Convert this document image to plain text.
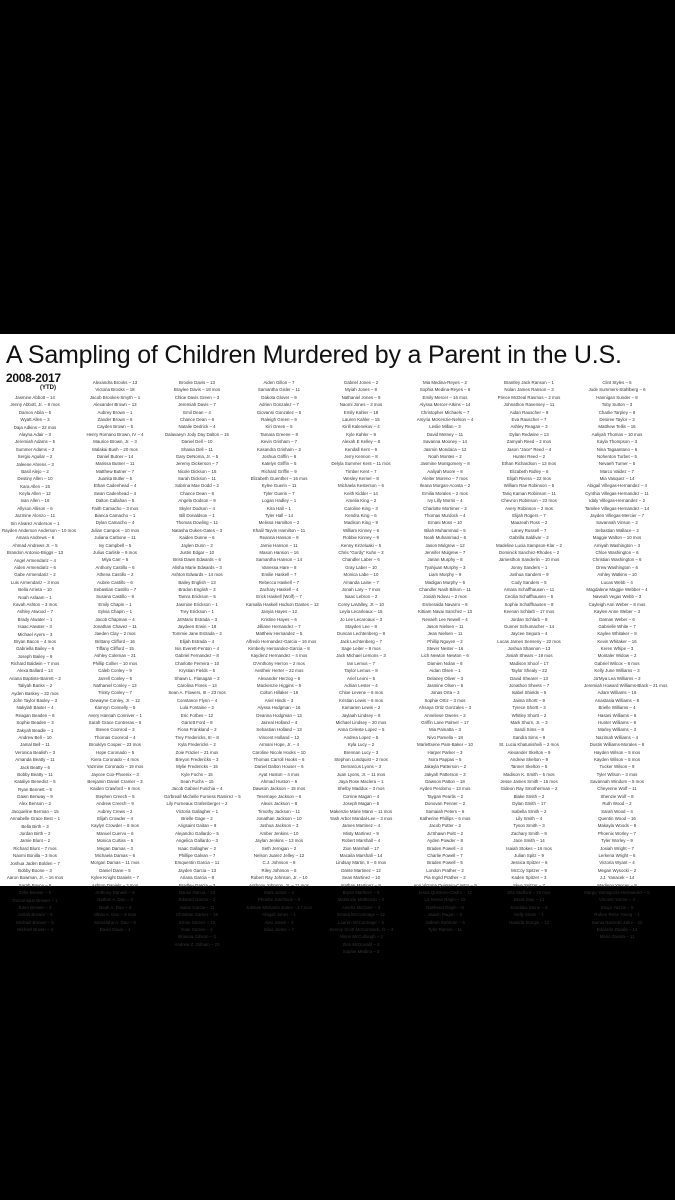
A Sampling of Children Murdered by a Parent in the U.S.
2008-2017
(YTD)
Jasmine Abbott – 14
Jenny Abbott, Jr. – 8 mos
Damon Abila – 5
Wyatt Allen – 3
Daja Adkins – 22 mos
Alayna Adair – 3
Jeremiah Adams – 5
Summer Adams – 2
Sergio Aguilar – 2
Jaleene Ahrens – 3
Basil Alejo – 2
Destiny Allen – 10
Kara Allen – 15
Keyla Allen – 12
Ivan Allen – 16
Allyson Allison – 6
Jazmine Alonzo – 11
Sin Alvarez Anderson – 1
Rayden Anderson Anderson – 10 mos
Amara Andrews – 6
Ahmad Andrews Jr. – 5
Brandon Antonio-Briggs – 13
Angel Armendariz – 4
Aiden Armendariz – 6
Gabe Armendariz – 2
Luis Armendariz – 3 mos
Bella Arrieta – 10
Noah Aslaam – 1
Kavah Ashton – 3 mos
Ashley Atwood – 7
Brady Atwater – 1
Isaac Atwater – 3
Michael Ayers – 3
Bryan Bacon – 4 mos
Gabriella Bailey – 6
Joseph Bailey – 9
Richard Baldwin – 7 mos
Alexa Ballard – 14
Ariana Baptiste-Barrett – 2
Taliyah Banks – 2
Ayden Baskey – 22 mos
John Taylor Baxley – 3
Nakylah Baxter – 4
Reagan Beaden – 6
Sophie Beaden – 3
Zakyah Beadle – 1
Andrew Bell – 10
Jamal Bell – 11
Veronica Bealish – 3
Amanda Beatty – 11
Jack Beatty – 6
Bobby Beatty – 11
Kataliye Benedict – 5
Ryan Bennett – 5
Dawn Benway – 9
Alex Benson – 2
Jacqueline Berman – 15
Annabelle Grace Best – 1
Bella Birth – 3
Jordan Birth – 2
Jamie Blunt – 2
Richard Blunt – 7 mos
Naomi Bonilla – 3 mos
Joshua Jaden Bolden – 7
Bobby Boone – 3
Aaron Bowman, Jr. – 16 mos
Sarah Boyce – 8
Zeke Brewer – 5
Domonique Brewer – 1
Eden Brewer – 3
Josiah Brewer – 5
Michael Brewer – 5
Michael Brown – 4
Alexandra Brooks – 13
Victoria Brooks – 18
Jacob Brookes-Smyth – 1
Alexander Brown – 13
Aubrey Brown – 1
Zander Brown – 6
Cayden Brown – 5
Henry Romano Brown, IV – 4
Maurice Brown, Jr. – 3
Malakai Bush – 20 mos
Daniel Butner – 14
Marissa Butner – 11
Matthew Butner – 7
Juanita Butler – 5
Ethan Cadenhead – 4
Swan Cadenhead – 4
Dalton Callahan – 5
Faith Camacho – 3 mos
Bianca Camacho – 1
Dylan Camacho – 4
Julian Campos – 10 mos
Juliana Carbone – 11
Ivy Campbell – 5
Julius Carlisle – 9 mos
Miya Carr – 5
Anthony Castillo – 6
Athena Castillo – 2
Aubrie Castillo – 6
Sebastian Castillo – 7
Susana Castillo – 8
Emily Chapin – 1
Sylvia Chapin – 1
Jacob Chapman – 4
Jonathan Chavez – 11
Jaeden Clay – 2 mos
Brittany Clifford – 16
Tiffany Clifford – 15
Ashley Coleman – 21
Phillip Collier – 10 mos
Caleb Conley – 9
Jarrell Conley – 5
Nathaniel Conley – 13
Trinity Conley – 7
Dewayne Conley, Jr. – 12
Kamryn Connelly – 5
Avery Hannah Conniver – 1
Sarah Grace Contreras – 5
Steven Coonrod – 3
Thomas Coonrod – 4
Brooklyn Cooper – 23 mos
Hope Coronado – 5
Kiera Coronado – 4 mos
Yazmine Coronado – 19 mos
Jaycee Cox-Phoenix – 3
Benjamin Daniel Cramer – 3
Kaiden Crawford – 6 mos
Stephen Creech – 5
Andrew Creech – 9
Aubrey Crews – 2
Elijah Crowder – 4
Kaylyn Crowder – 8 mos
Manuel Cuervo – 6
Monica Curtiss – 5
Megan Damas – 3
Michaela Damas – 6
Morgan Damas – 11 mos
Daniel Dane – 5
Kylee Knight Daniels – 7
Ashton Daniels – 2 mos
Anthony Daniels – 5
Nathan A. Dao – 4
Noah A. Dao – 3
Olivia A. Dao – 2 mos
Samantha A. Dao – 8
David Davis – 4
Brooke Davis – 13
Braylee Davis – 18 mos
Chloe Davis Green – 3
Jeremiah Davis – 7
Emil Dean – 4
Chance Dean – 6
Natalie Dedrick – 4
Dalavaeyn Jody Day Dalton – 15
Daniel Dell – 10
Shania Dell – 11
Gary DeNoma, Jr. – 5
Jeremy Dickerson – 7
Nicole Dickson – 15
Sarah Dickson – 11
Sabrina Mae Dodd – 2
Chance Dean – 6
Angela Dodson – 9
Skyler Dodson – 4
Bill Donaldson – 1
Thomas Dowling – 11
Natasha Dukes-Gates – 3
Kaiden Dunne – 6
Jaylen Dunn – 2
Justin Edgar – 10
Bristi Dawn Edwards – 6
Alisha Marie Edwards – 3
Ashton Edwards – 14 mos
Bailey English – 13
Bradon English – 3
Tamra Erickson – 5
Jasmine Erickson – 1
Trey Erickson – 1
Ja'Mario Estrada – 3
Jaydeen Erwin – 18
Tommie Jane Estrada – 2
Elijah Estrada – 4
Isis Everett-Fenton – 4
Gabriel Fernandez – 8
Charlotte Ferreira – 10
Krystian Fields – 5
Shawn L. Flanagan – 2
Carolina Flores – 13
Sean A. Flowers, III – 23 mos
Constance Flynn – 4
Lula Fontaine – 2
Eric Forbes – 12
Garrett Ford – 8
Fiona Frankland – 2
Trey Fredericks, III – 8
Kyla Fredericks – 2
Zoie Frazier – 21 mos
Breyon Fredericks – 3
Mylie Fredericks – 15
Kyle Fuchs – 15
Sean Fuchs – 15
Jacob Gabriel Fuschia – 4
Ga'breall Michelle Furness Ramirez – 5
Lily Furneaux Grafenberger – 2
Victoria Gallagher – 1
Brielle Gage – 2
Arigsaint Gaitan – 9
Alejandro Gallardo – 5
Angelica Gallardo – 3
Isaac Gallagher – 2
Phillipe Galvan – 7
Emquentin Garcia – 11
Jayden Garcia – 13
Ariana Garcia – 8
Bradley Garcia – 3
Daniel Garcia – 13
Edward Garcia – 2
Isaias Garcia – 11
Christian Garner – 16
Eman Garner – 12
Kate Garner – 3
Brianna Gibson – 3
Andrew Z. Gilham – 23
Aiden Gillon – 7
Samantha Gisler – 11
Dakota Glover – 9
Adrien Gonzalez – 7
Giovanni Gonzalez – 5
Raleigh Green – 9
Kiri Green – 5
Tamara Greene – 8
Kevin Grisham – 7
Kasandra Grisham – 2
Joshua Griffin – 6
Katelyn Griffin – 5
Richard Griffin – 9
Elizabeth Guenther – 16 mos
Kylee Guerin – 11
Tyler Guerin – 7
Logan Hadley – 1
Kira Hall – 1
Tyler Hall – 14
Melissa Hamilton – 2
Khalil Tayvin Hamilton – 11
Reanna Hanson – 9
Jamie Hanson – 11
Mason Hanson – 16
Samantha Hanson – 14
Vanessa Hare – 8
Emilie Haskell – 7
Rebecca Haskell – 7
Zachary Haskell – 4
Erick Haskell (Wolf) – 7
Kamalla Haskell Hodson Dantes – 12
Janyia Hayes – 12
Kristine Hayes – 6
Jilliane Hernandez – 7
Matthew Hernandez – 5
Alfredo Hernandez-Garcia – 16 mos
Kimberly Hernandez-Garcia – 8
Kaydenz Hernandez – 4 mos
D'Anthony Herron – 2 mos
Aestheir Herter – 22 mos
Alexander Herzog – 6
Mackenzie Higgins – 5
Colton Hillaker – 16
Ariel Hinds – 3
Alyssa Hodgman – 16
Deanna Hodgman – 13
Jaireal Holland – 4
Sebastian Holland – 13
Vincent Holland – 12
Armani Hope, Jr. – 4
Caroline Nicole Hooks – 10
Thomas Carroll Hooks – 6
Daniel Dalton Houser – 6
Ayat Huston – 4 mos
Ahmad Huston – 6
Dawson Jackson – 15 mos
Tesemaye Jackson – 6
Alexis Jackson – 8
Timothy Jackson – 11
Jonathan Jackson – 10
Joshua Jackson – 3
Amber Jenkins – 10
Jaylan Jenkins – 13 mos
Seth Jernigan – 2
Nelson Juarez Jelley – 12
C.J. Johnson – 8
Riley Johnson – 5
Robert Ray Johnson, Jr. – 10
Anthony Johnson, Jr. – 11 mos
Mark Jonas – 3
Phoebe Jonchuck – 5
Julimae Mickaela Jones – 17 mos
Abigail Jones – 1
Alex Jones – 3
Elias Jones – 7
Gabriel Jones – 2
Myiah Jones – 8
Nathaniel Jones – 9
Naomi Jones – 3 mos
Emily Kahler – 18
Lauren Kahler – 15
Kirill Kalenekov – 4
Kyle Kahler – 9
Alexah E Kelley – 8
Kendall Kent – 9
Jerry Kennon – 8
Delyla Summer Kent – 11 mos
Timber Kent – 7
Wesley Kernel – 8
Michaela Kesterson – 6
Keith Kidder – 14
Amelia King – 2
Caroline King – 3
Kendra King – 6
Madison King – 9
William Kinney – 6
Robbie Kinney – 9
Kenny Kirzeluaki – 5
Chris "Gordy" Kuhn – 2
Chandler Laber – 6
Gray Laber – 10
Monica Labe – 10
Amanda Laine – 7
Jonah Lary – 7 mos
Isaac Lebron – 2
Corey LaValley, Jr. – 10
Leyla Lecarleaux – 15
Jo Lee Lecaroaux – 3
Stayden Lee – 8
Duncan Lechtenberg – 8
Jack Lechtenberg – 7
Sage Leiter – 8 mos
Jack Michael Lemons – 3
Ian Lemus – 7
Taylor Lemus – 8
Ariel Leoni – 5
Adrian Lester – 4
Chloe Levene – 6 mos
Kristian Lewis – 6 mos
Kamarien Lewis – 2
Jaylaah Lindsey – 8
Michael Lindsey – 20 mos
Anna Celeste Lopez – 5
Andrea Lopez – 5
Kyla Lucy – 2
Brennan Lucy – 3
Stephon Lundquist – 2 mos
Demarcus Lyons – 3
Juan Lyons, Jr. – 11 mos
Jaya Rose Maclera – 1
Shelby Maddux – 3 mos
Corrine Magan – 4
Joseph Magan – 5
Makenzie Marie Mann – 11 mos
Yash Arbor Mandal-Lee – 3 mos
James Martinez – 4
Misty Martinez – 9
Robert Marshall – 4
Zion Marshall – 17
Macaila Marshall – 14
Lindsay Martin, II – 6 mos
Dante Martinez – 12
Sean Martinez – 10
Nathan Martinez – 8
Bryan Martinez – 5
Mckenzie Matheson – 2
Amelia McClure – 3
Emma McCormage – 12
Lauren McCormage – 5
Jeremy Scott McCormack, Jr. – 3
Alison McCullough – 2
Zion McDonald – 4
Sophie Medina – 3
Mia Medina-Reyes – 2
Sophia Medina-Reyes – 6
Emily Mercer – 16 mos
Alyssa Mercer-Atkins – 14
Christopher Michaels – 7
Amyria McKenzie-Nelson – 4
Leslie Millan – 3
David Metney – 11
Savanna Mooney – 14
Jasmin Mondaca – 12
Noah Montes – 2
Jasmine Montgomery – 8
Aaliyah Moore – 8
Aleiter Moreno – 7 mos
Ileana Morgan-Acosta – 2
Emilia Morales – 2 mos
Ivy Lilly Morris – 4
Charlotte Mortimer – 2
Thomas Murdock – 4
Emani Moss – 10
Bilah Muhammad – 5
Noah Muhammad – 6
Jason Mulgrew – 12
Jennifer Mulgrew – 7
Jarian Murphy – 8
Tyahjuan Murphy – 3
Liam Murphy – 9
Madigan Murphy – 6
Chandler Nash Bilson – 11
Josiah Ndovu – 2 mos
Esmeralda Navarro – 8
Kittiam Navai Sanchez – 13
Nevaeh Lee Newell – 4
Jason Nielsen – 11
Jean Nielsen – 11
Phillip Nguyen – 2
Stever Nester – 16
Lich Newton Newton – 6
Damien Nolan – 6
Aidan Olsen – 1
Delaney Oliver – 3
Jasmine Olsen – 5
Jonas Orta – 3
Sophie Ortiz – 3 mos
Ahsaya Ortiz Gonzales – 3
Anneliese Owens – 2
Griffin Lane Palmer – 17
Mia Pamatta – 3
Nivo Pamella – 18
Marlettsene Pam-Baker – 10
Harper Parker – 3
Nora Pappas – 5
Jakayla Patterson – 2
Jakyah Patterson – 3
Dawson Patton – 18
Ayden Perdomo – 13 mos
Taygan Pearlis – 2
Donovan Penner – 2
Samaiah Peters – 6
Katherine Phillips – 6 mos
Jacob Potter – 2
Ju'Shawn Poitt – 2
Ayden Powder – 8
Braden Powell – 4
Charlie Powell – 7
Braden Powell – 5
London Prather – 2
Pia Ingrid Prather – 2
Ana Victoria Quintero-Castro – 9
Jesus Quintero-Castro – 12
La Keese Ragin – 15
Rasheed Ragin – 8
Jaavin Ragan – 3
Jadeen Rahman – 6
Tyler Ramos – 11
Brantley Jack Ranson – 1
Nolan James Ranson – 3
Prince McDeal Rasmus – 2 mos
Johnathon Ravensey – 11
Aidan Rauscher – 9
Eva Rauscher – 7
Ashley Reagan – 3
Dylan Redwine – 13
Zamyah Reed – 2 mos
Jason "Jace" Reed – 4
Hunter Reed – 2
Ethan Richardson – 13 mos
Elizabeth Ridley – 6
Elijah Rivera – 22 mos
William Rae Robinson – 5
Tariq Kaman Robinson – 11
Chevron Robinson – 22 mos
Avery Robinson – 2 mos
Elijah Rogers – 7
Maazeah Ross – 2
Laney Russell – 7
Gabrilla Saldivar – 2
Madeline Lucia Sampson-Klar – 2
Dominick Sanchez-Rhodes – 2
Jamesthon Sanderlin – 10 mos
Jonny Sanders – 1
Joshua Sanders – 9
Cody Sanders – 5
Amara Schaffhausen – 11
Cecilia Schaffhausen – 5
Sophie Schaffhausen – 8
Keenan Schlarb – 17 mos
Jordan Schlarb – 8
Gunner Schumacher – 14
Jaycee Segura – 4
Lucas James Senseny – 22 mos
Joshua Shannon – 13
Josiah Shears – 19 mos
Madison Shoof – 17
Taylor Shealy – 22
David Shearer – 13
Jonathon Sheets – 7
Isabel Shields – 5
Jaima Shortt – 9
Tyrece Shortt – 3
Whitley Shortt – 2
Mark Shurn, Jr. – 3
Sandi Sims – 9
Sandra Sims – 9
St. Lucia Khatunishvili – 2 mos
Alexander Skelton – 9
Andrew Skelton – 9
Tanner Skelton – 5
Madison K. Smith – 5 mos
Jesse James Smith – 15 mos
Gideon Ray Smotherman – 2
Blake Smith – 2
Dylan Smith – 17
Isabella Smith – 2
Lily Smith – 4
Tyson Smith – 3
Zachary Smith – 9
Jace Smith – 14
Isaiah Stokes – 16 mos
Julian Spitz – 9
Jessica Spitzer – 6
McCoy Spitzer – 9
Kaden Spitzer – 3
Skye Spitzer – 7
Ella Stafford – 15 mos
Brent Stay – 14
Kendalia Stone – 5
Kelly Stone – 1
Hamida Sturgis – 12
Clint Styles – 6
Jude Summers-Stahlberg – 6
Hannigan Sunder – 8
Toby Sutton – 3
Charlie Tarpley – 8
Desiree Taylor – 3
Matthew Tellis – 16
Aaliyah Thomas – 10 mos
Kayla Thompson – 3
Nina Tagaantano – 6
Nohenton Turbet – 5
Nevaeh Turner – 5
Marco Valdez – 7
Mia Vasquez – 14
Abigail Villegas-Hernandez – 4
Cynthia Villegas-Hernandez – 11
Idaly Villegas-Hernandez – 2
Tamilee Villegas-Hernandez – 14
Jayden Villegas-Mercier – 7
Savannah Vinson – 2
Sebastian Wallace – 2
Maggie Walton – 10 mos
Amiyah Washington – 3
Chloe Washington – 6
Christian Washington – 6
Drew Washington – 6
Ashley Watkins – 10
Lucas Webb – 4
Magdalene Maggie Webber – 4
Naveah Vegas Webb – 3
Cayleigh Ann Weber – 8 mos
Kaylee Anne Weber – 3
Daman Weber – 6
Gabrielle White – 7
Kaylee Whitaker – 8
Kevin Whitaker – 16
Keren Whipe – 3
Montaler Widow – 2
Gabriel Wilcox – 8 mos
Kelly June Williams – 3
Ja'Mya Lea Williams – 2
Jeremiah Howard Williams-Black – 21 mos
Adam Williams – 16
Anastasia Williams – 8
Brielle Williams – 4
Hasani Williams – 6
Hunter Williams – 9
Marley Williams – 3
Nazimah Williams – 4
Dustin Williams-Morales – 8
Hayden Wilson – 5 mos
Kayden Wilson – 5 mos
Tucker Wilson – 9
Tyler Wilson – 3 mos
Savannah Windom – 5 mos
Cheyenne Wolf – 11
Shenzie Wolf – 8
Ruth Wood – 2
Sarah Wood – 4
Quentin Wood – 16
Makayla Woods – 9
Phoenix Worley – 7
Tyler Worley – 9
Josiah Wright – 7
Lerkena Wright – 6
Victoria Wyant – 4
Megan Wysocki – 2
J.J. Yanacek – 14
Madison Yancey – 8
Margo Yamaguchi-Hernandez – 5
Vincent Yazzie – 3
Diego Yazzie – 5
Ruben Rene Young – 1
Samia Nazerah Zaini – 22
Eduardo Zavala – 14
Mario Zavala – 11
